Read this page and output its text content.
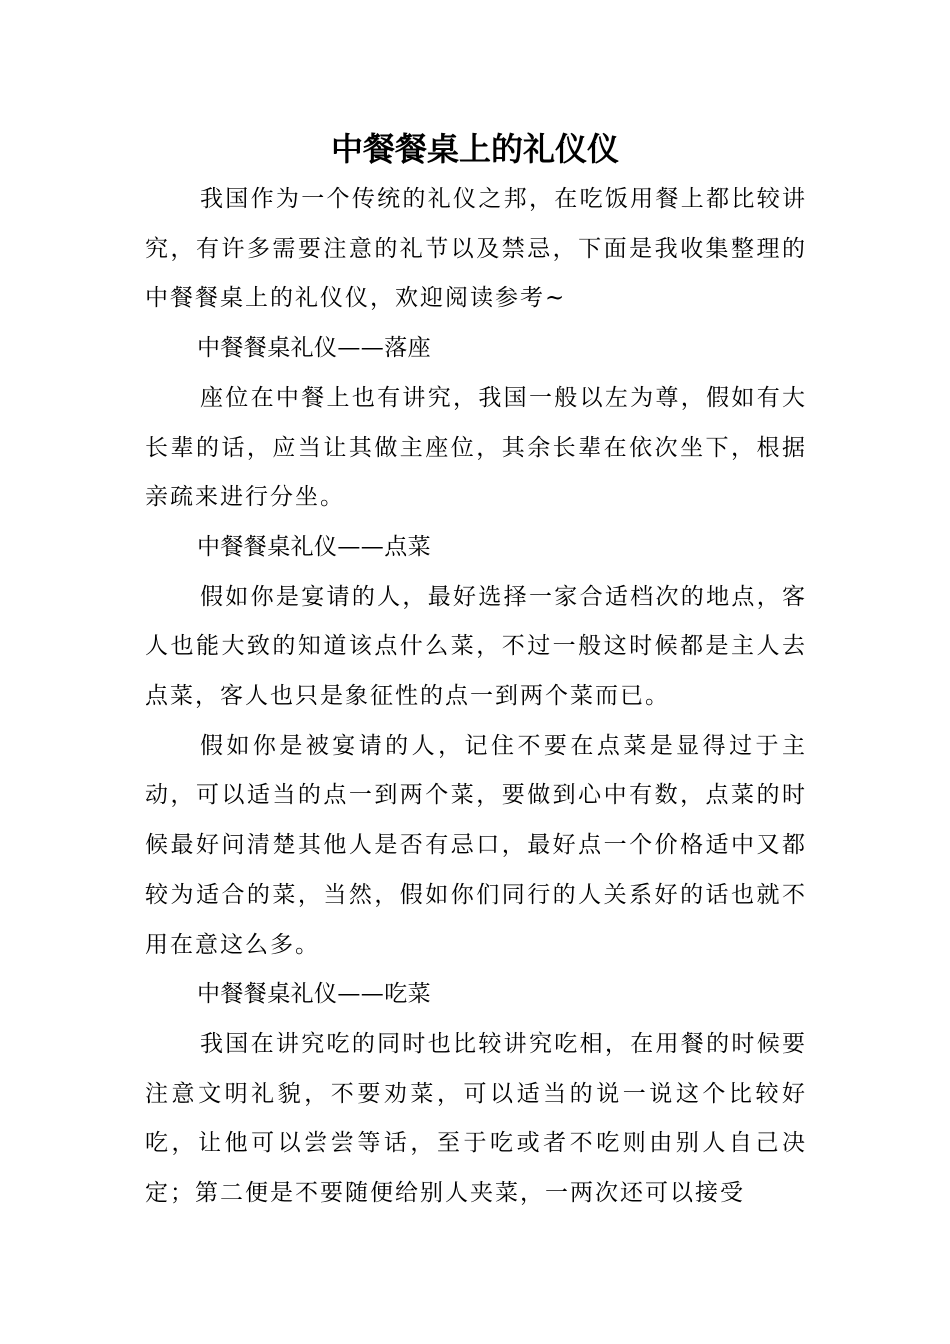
中餐餐桌上的礼仪仪

我国作为一个传统的礼仪之邦，在吃饭用餐上都比较讲究，有许多需要注意的礼节以及禁忌，下面是我收集整理的中餐餐桌上的礼仪仪，欢迎阅读参考~

中餐餐桌礼仪——落座

座位在中餐上也有讲究，我国一般以左为尊，假如有大长辈的话，应当让其做主座位，其余长辈在依次坐下，根据亲疏来进行分坐。

中餐餐桌礼仪——点菜

假如你是宴请的人，最好选择一家合适档次的地点，客人也能大致的知道该点什么菜，不过一般这时候都是主人去点菜，客人也只是象征性的点一到两个菜而已。

假如你是被宴请的人，记住不要在点菜是显得过于主动，可以适当的点一到两个菜，要做到心中有数，点菜的时候最好问清楚其他人是否有忌口，最好点一个价格适中又都较为适合的菜，当然，假如你们同行的人关系好的话也就不用在意这么多。

中餐餐桌礼仪——吃菜

我国在讲究吃的同时也比较讲究吃相，在用餐的时候要注意文明礼貌，不要劝菜，可以适当的说一说这个比较好吃，让他可以尝尝等话，至于吃或者不吃则由别人自己决定；第二便是不要随便给别人夹菜，一两次还可以接受
